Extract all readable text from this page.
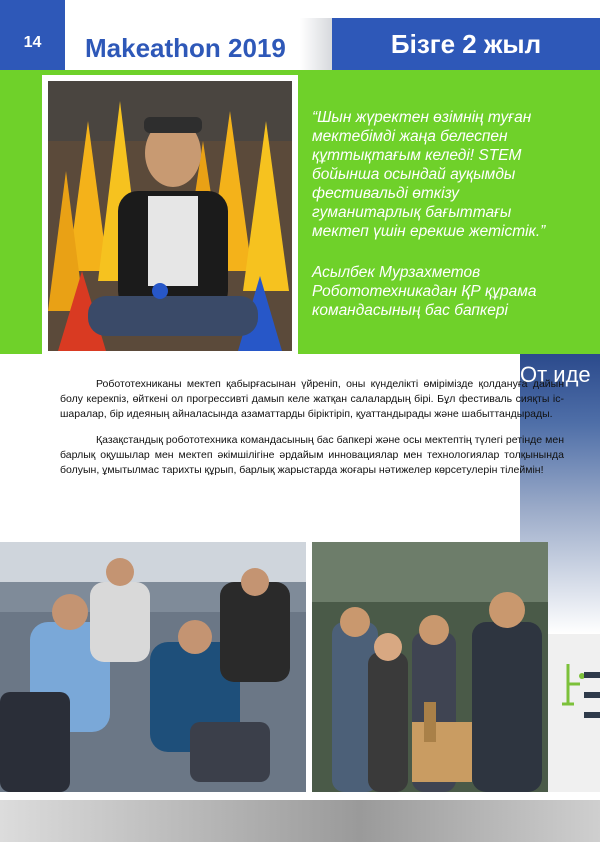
14	Makeathon 2019	Бізге 2 жыл
“Шын жүректен өзімнің туған мектебімді жаңа белеспен құттықтағым келеді! STEM бойынша осындай ауқымды фестивальді өткізу гуманитарлық бағыттағы мектеп үшін ерекше жетістік.”
Асылбек Мурзахметов Робототехникадан ҚР құрама командасының бас бапкері
От иде

Робототехниканы мектеп қабырғасынан үйреніп, оны күнделікті өмірімізде қолдануға дайын болу керекпіз, өйткені ол прогрессивті дамып келе жатқан салалардың бірі. Бұл фестиваль сияқты іс-шаралар, бір идеяның айналасында азаматтарды біріктіріп, қуаттандырады және шабыттандырады.

Қазақстандық робототехника командасының бас бапкері және осы мектептің түлегі ретінде мен барлық оқушылар мен мектеп әкімшілігіне әрдайым инновациялар мен технологиялар толқынында болуын, ұмытылмас тарихты құрып, барлық жарыстарда жоғары нәтижелер көрсетулерін тілеймін!
